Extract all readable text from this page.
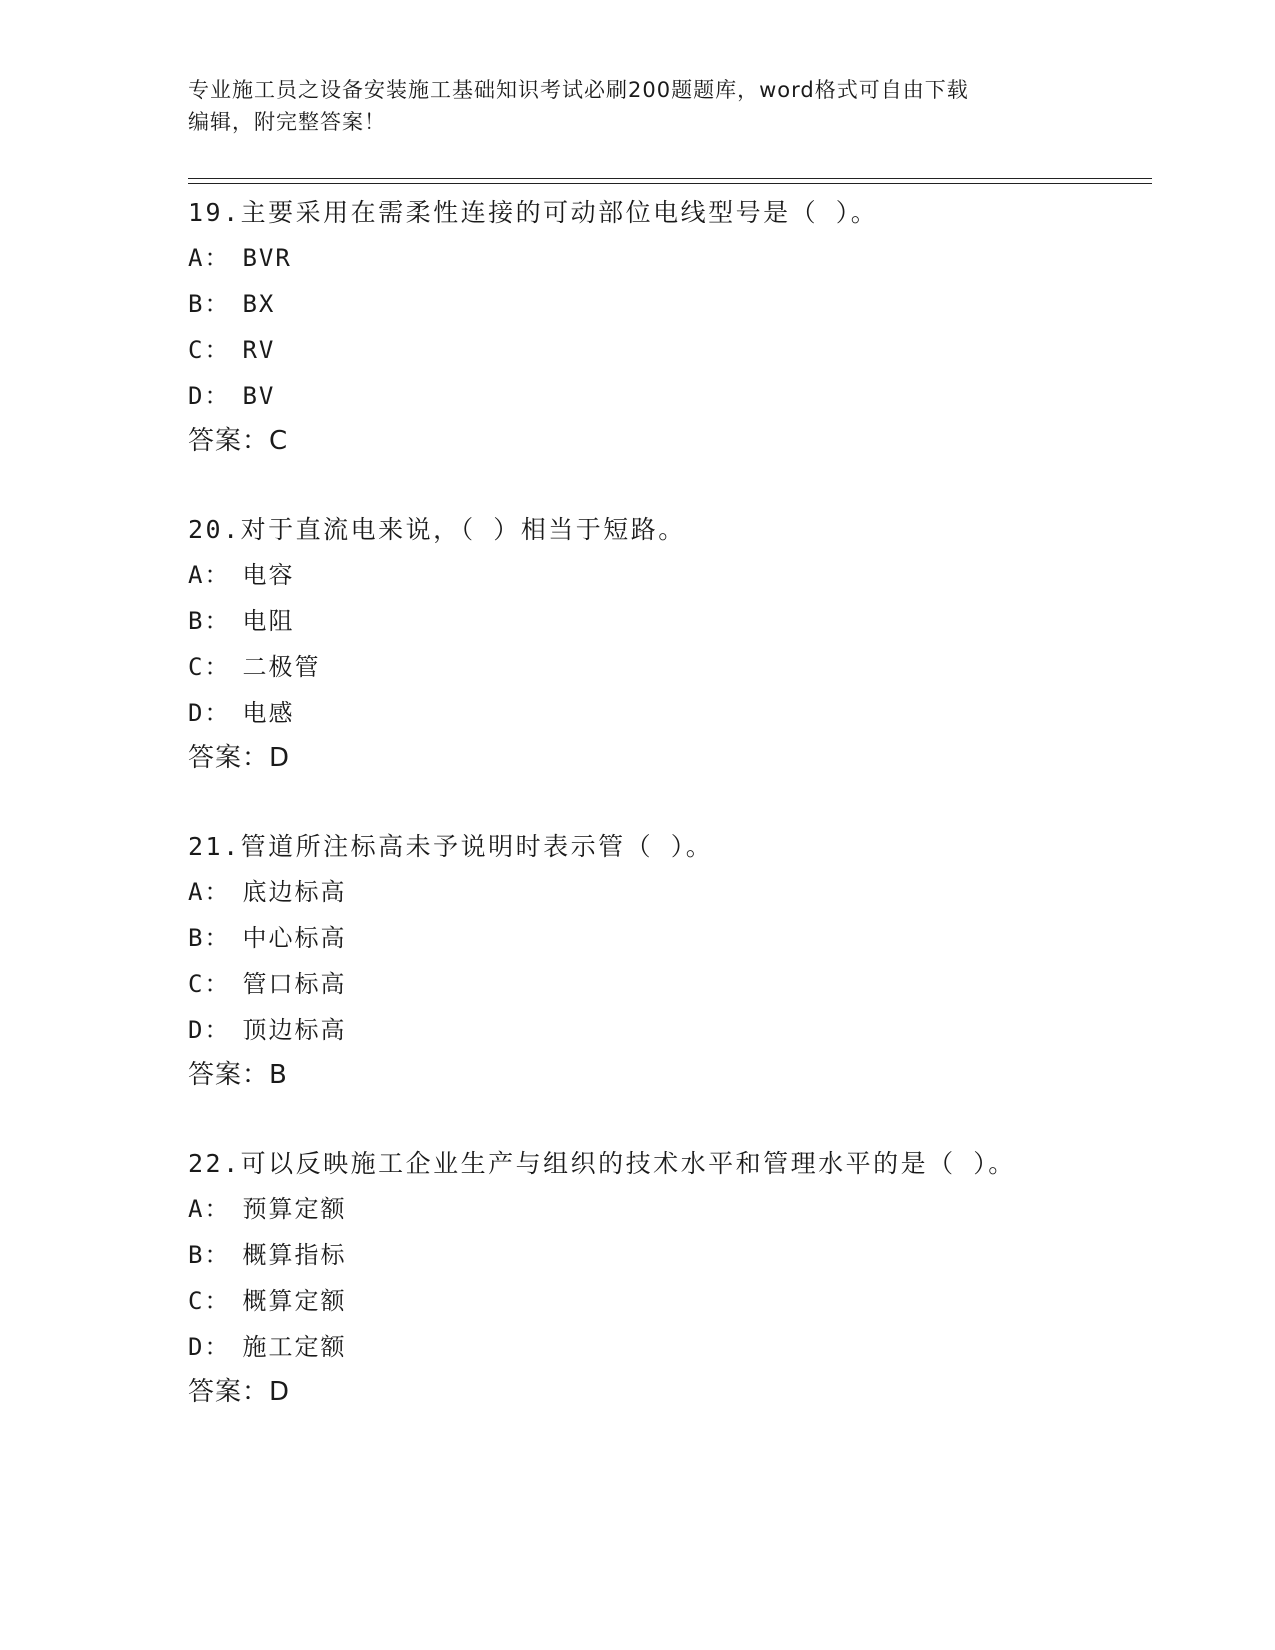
专业施工员之设备安装施工基础知识考试必刷200题题库，word格式可自由下载
编辑，附完整答案！
19.主要采用在需柔性连接的可动部位电线型号是（ ）。
A： BVR
B： BX
C： RV
D： BV
答案：C
20.对于直流电来说，（ ）相当于短路。
A： 电容
B： 电阻
C： 二极管
D： 电感
答案：D
21.管道所注标高未予说明时表示管（ ）。
A： 底边标高
B： 中心标高
C： 管口标高
D： 顶边标高
答案：B
22.可以反映施工企业生产与组织的技术水平和管理水平的是（ ）。
A： 预算定额
B： 概算指标
C： 概算定额
D： 施工定额
答案：D
